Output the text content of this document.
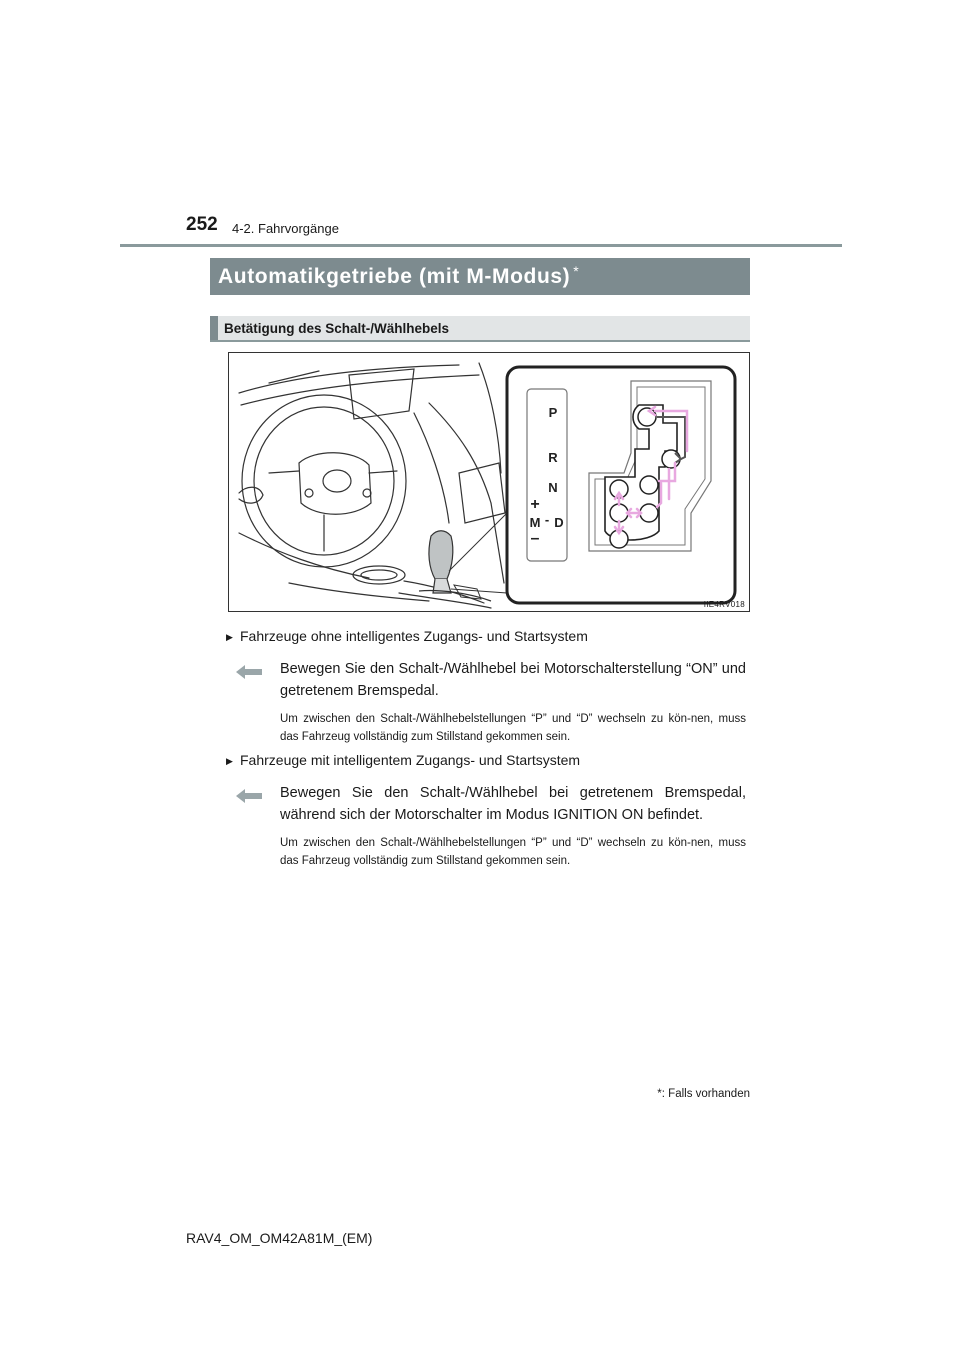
252 4-2. Fahrvorgänge
Automatikgetriebe (mit M-Modus) *
Betätigung des Schalt-/Wählhebels
P
R
N
+
M - D
–
IIE4RV018
▶ Fahrzeuge ohne intelligentes Zugangs- und Startsystem
Bewegen Sie den Schalt-/Wählhebel bei Motorschalterstellung “ON” und getretenem Bremspedal.
Um zwischen den Schalt-/Wählhebelstellungen “P” und “D” wechseln zu kön-nen, muss das Fahrzeug vollständig zum Stillstand gekommen sein.
▶ Fahrzeuge mit intelligentem Zugangs- und Startsystem
Bewegen Sie den Schalt-/Wählhebel bei getretenem Bremspedal, während sich der Motorschalter im Modus IGNITION ON befindet.
Um zwischen den Schalt-/Wählhebelstellungen “P” und “D” wechseln zu kön-nen, muss das Fahrzeug vollständig zum Stillstand gekommen sein.
*: Falls vorhanden
RAV4_OM_OM42A81M_(EM)
